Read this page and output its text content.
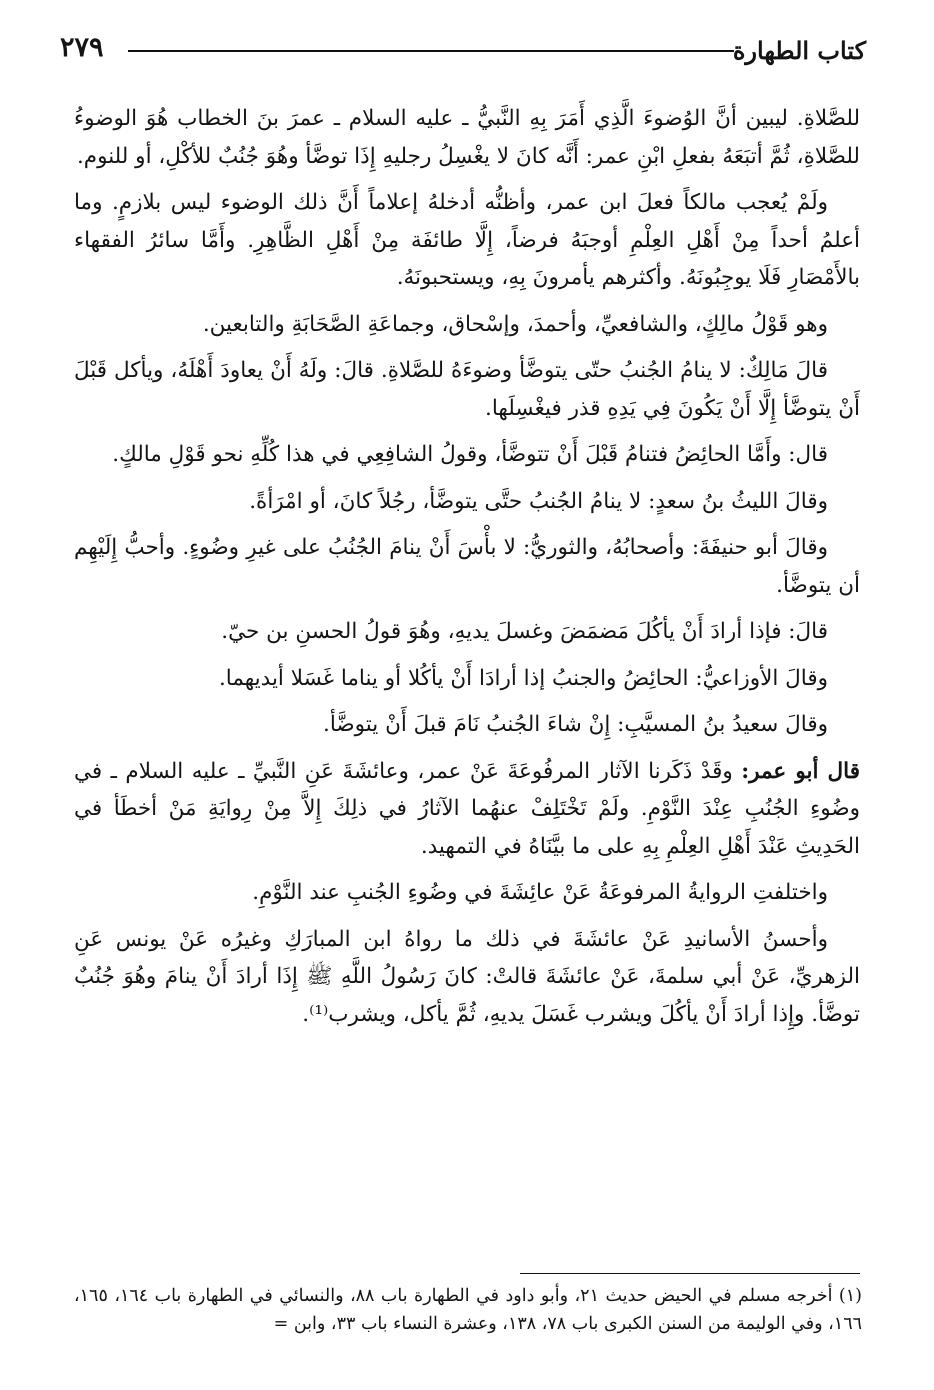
كتاب الطهارة
٢٧٩

للصَّلاةِ. ليبين أنَّ الوُضوءَ الَّذِي أَمَرَ بِهِ النَّبيُّ ـ عليه السلام ـ عمرَ بنَ الخطاب هُوَ الوضوءُ للصَّلاةِ، ثُمَّ أتبَعَهُ بفعلِ ابْنِ عمر: أَنَّه كانَ لا يغْسِلُ رجليهِ إِذَا توضَّأ وهُوَ جُنُبٌ للأكْلِ، أو للنوم.

ولَمْ يُعجب مالكاً فعلَ ابن عمر، وأظنُّه أدخلهُ إعلاماً أَنَّ ذلك الوضوء ليس بلازمٍ. وما أعلمُ أحداً مِنْ أَهْلِ العِلْمِ أوجبَهُ فرضاً، إِلَّا طائفَة مِنْ أَهْلِ الظَّاهِرِ. وأَمَّا سائرُ الفقهاء بالأَمْصَارِ فَلَا يوجِبُونَهُ. وأكثرهم يأمرونَ بِهِ، ويستحبونَهُ.

وهو قَوْلُ مالِكٍ، والشافعيِّ، وأحمدَ، وإسْحاق، وجماعَةِ الصَّحَابَةِ والتابعين.

قالَ مَالِكٌ: لا ينامُ الجُنبُ حتّى يتوضَّأ وضوءَهُ للصَّلاةِ. قالَ: ولَهُ أَنْ يعاودَ أَهْلَهُ، ويأكل قَبْلَ أَنْ يتوضَّأ إِلَّا أَنْ يَكُونَ فِي يَدِهِ قذر فيغْسِلَها.

قال: وأَمَّا الحائِضُ فتنامُ قَبْلَ أَنْ تتوضَّأ، وقولُ الشافِعِي في هذا كُلِّهِ نحو قَوْلِ مالكٍ.

وقالَ الليثُ بنُ سعدٍ: لا ينامُ الجُنبُ حتَّى يتوضَّأ، رجُلاً كانَ، أو امْرَأةً.

وقالَ أبو حنيفَةَ: وأصحابُهُ، والثوريُّ: لا بأْسَ أَنْ ينامَ الجُنُبُ على غيرِ وضُوءٍ. وأحبُّ إِلَيْهِم أن يتوضَّأ.

قالَ: فإذا أرادَ أَنْ يأكُلَ مَضمَضَ وغسلَ يديهِ، وهُوَ قولُ الحسنِ بن حيّ.

وقالَ الأوزاعيُّ: الحائِضُ والجنبُ إذا أرادَا أَنْ يأكُلا أو يناما غَسَلا أيديهما.

وقالَ سعيدُ بنُ المسيَّبِ: إِنْ شاءَ الجُنبُ نَامَ قبلَ أَنْ يتوضَّأ.

قال أبو عمر: وقَدْ ذَكَرنا الآثار المرفُوعَةَ عَنْ عمر، وعائشَةَ عَنِ النَّبيِّ ـ عليه السلام ـ في وضُوءِ الجُنُبِ عِنْدَ النَّوْمِ. ولَمْ تَخْتَلِفْ عنهُما الآثارُ في ذلِكَ إِلاَّ مِنْ رِوايَةِ مَنْ أخطَأ في الحَدِيثِ عَنْدَ أَهْلِ العِلْمِ بِهِ على ما بيَّنَاهُ في التمهيد.

واختلفتِ الروايةُ المرفوعَةُ عَنْ عائِشَةَ في وضُوءِ الجُنبِ عند النَّوْمِ.

وأحسنُ الأسانيدِ عَنْ عائشَةَ في ذلك ما رواهُ ابن المبارَكِ وغيرُه عَنْ يونس عَنِ الزهريِّ، عَنْ أبي سلمةَ، عَنْ عائشَةَ قالتْ: كانَ رَسُولُ اللَّهِ ﷺ إِذَا أرادَ أَنْ ينامَ وهُوَ جُنُبٌ توضَّأ. وإِذا أرادَ أَنْ يأكُلَ ويشرب غَسَلَ يديهِ، ثُمَّ يأكل، ويشرب⁽¹⁾.

(١) أخرجه مسلم في الحيض حديث ٢١، وأبو داود في الطهارة باب ٨٨، والنسائي في الطهارة باب ١٦٤، ١٦٥، ١٦٦، وفي الوليمة من السنن الكبرى باب ٧٨، ١٣٨، وعشرة النساء باب ٣٣، وابن =
